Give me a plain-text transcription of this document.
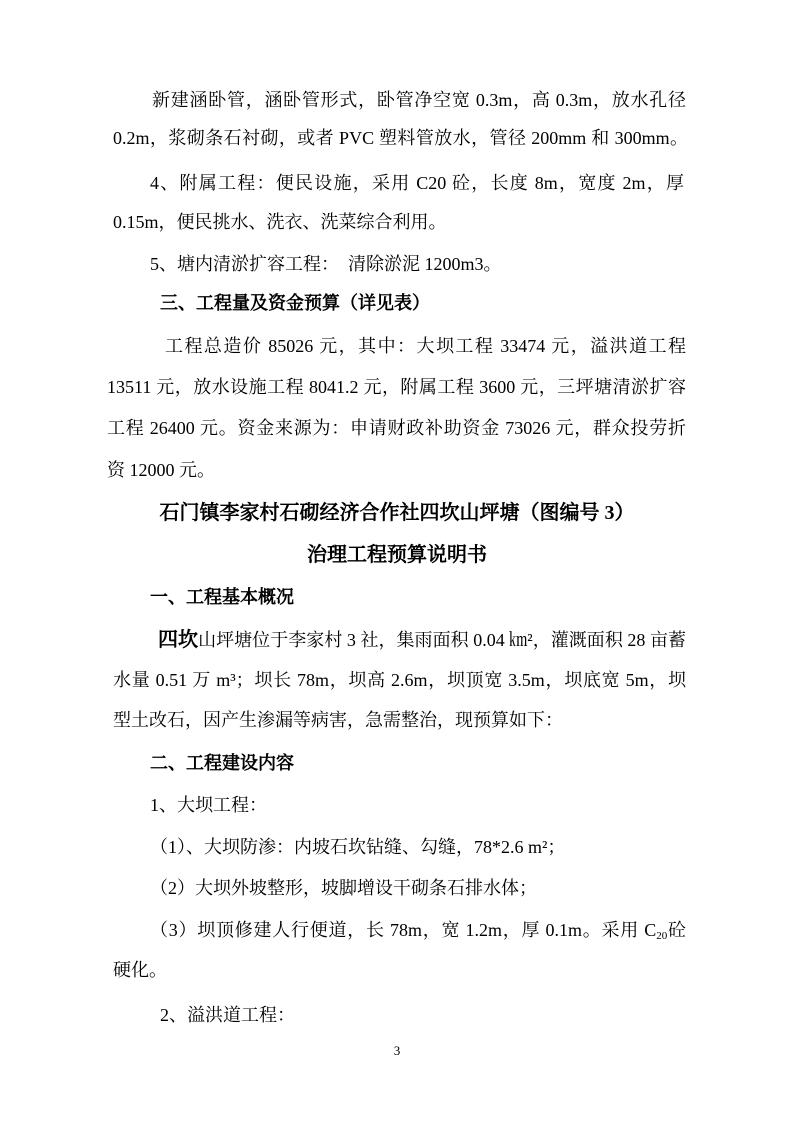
新建涵卧管，涵卧管形式，卧管净空宽 0.3m，高 0.3m，放水孔径
0.2m，浆砌条石衬砌，或者 PVC 塑料管放水，管径 200mm 和 300mm。
4、附属工程：便民设施，采用 C20 砼，长度 8m，宽度 2m，厚
0.15m，便民挑水、洗衣、洗菜综合利用。
5、塘内清淤扩容工程：  清除淤泥 1200m3。
三、工程量及资金预算（详见表）
工程总造价 85026 元，其中：大坝工程 33474 元，溢洪道工程
13511 元，放水设施工程 8041.2 元，附属工程 3600 元，三坪塘清淤扩容
工程 26400 元。资金来源为：申请财政补助资金 73026 元，群众投劳折
资 12000 元。
石门镇李家村石砌经济合作社四坎山坪塘（图编号 3）
治理工程预算说明书
一、工程基本概况
四坎山坪塘位于李家村 3 社，集雨面积 0.04 ㎞²，灌溉面积 28 亩蓄
水量 0.51 万 m³；坝长 78m，坝高 2.6m，坝顶宽 3.5m，坝底宽 5m，坝
型土改石，因产生渗漏等病害，急需整治，现预算如下：
二、工程建设内容
1、大坝工程：
（1）、大坝防渗：内坡石坎钻缝、勾缝，78*2.6 m²；
（2）大坝外坡整形，坡脚增设干砌条石排水体；
（3）坝顶修建人行便道，长 78m，宽 1.2m，厚 0.1m。采用 $C_{20}$砼
硬化。
2、溢洪道工程：
3
